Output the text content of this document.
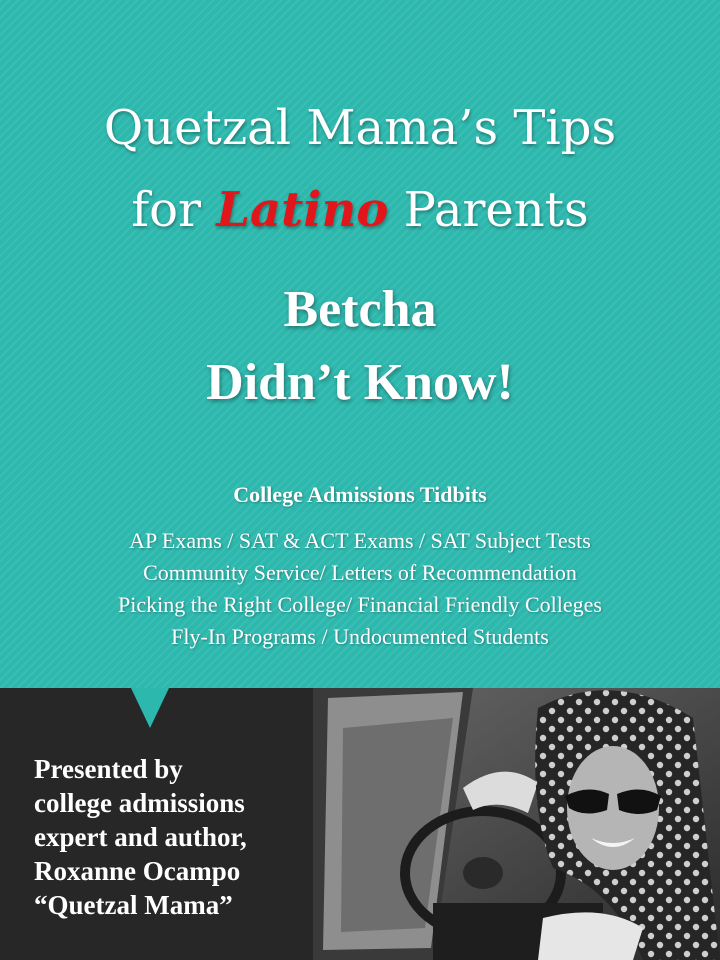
Quetzal Mama’s Tips
for Latino Parents
Betcha
Didn’t Know!
College Admissions Tidbits
AP Exams / SAT & ACT Exams / SAT Subject Tests
Community Service/ Letters of Recommendation
Picking the Right College/ Financial Friendly Colleges
Fly-In Programs / Undocumented Students
Presented by
college admissions
expert and author,
Roxanne Ocampo
“Quetzal Mama”
